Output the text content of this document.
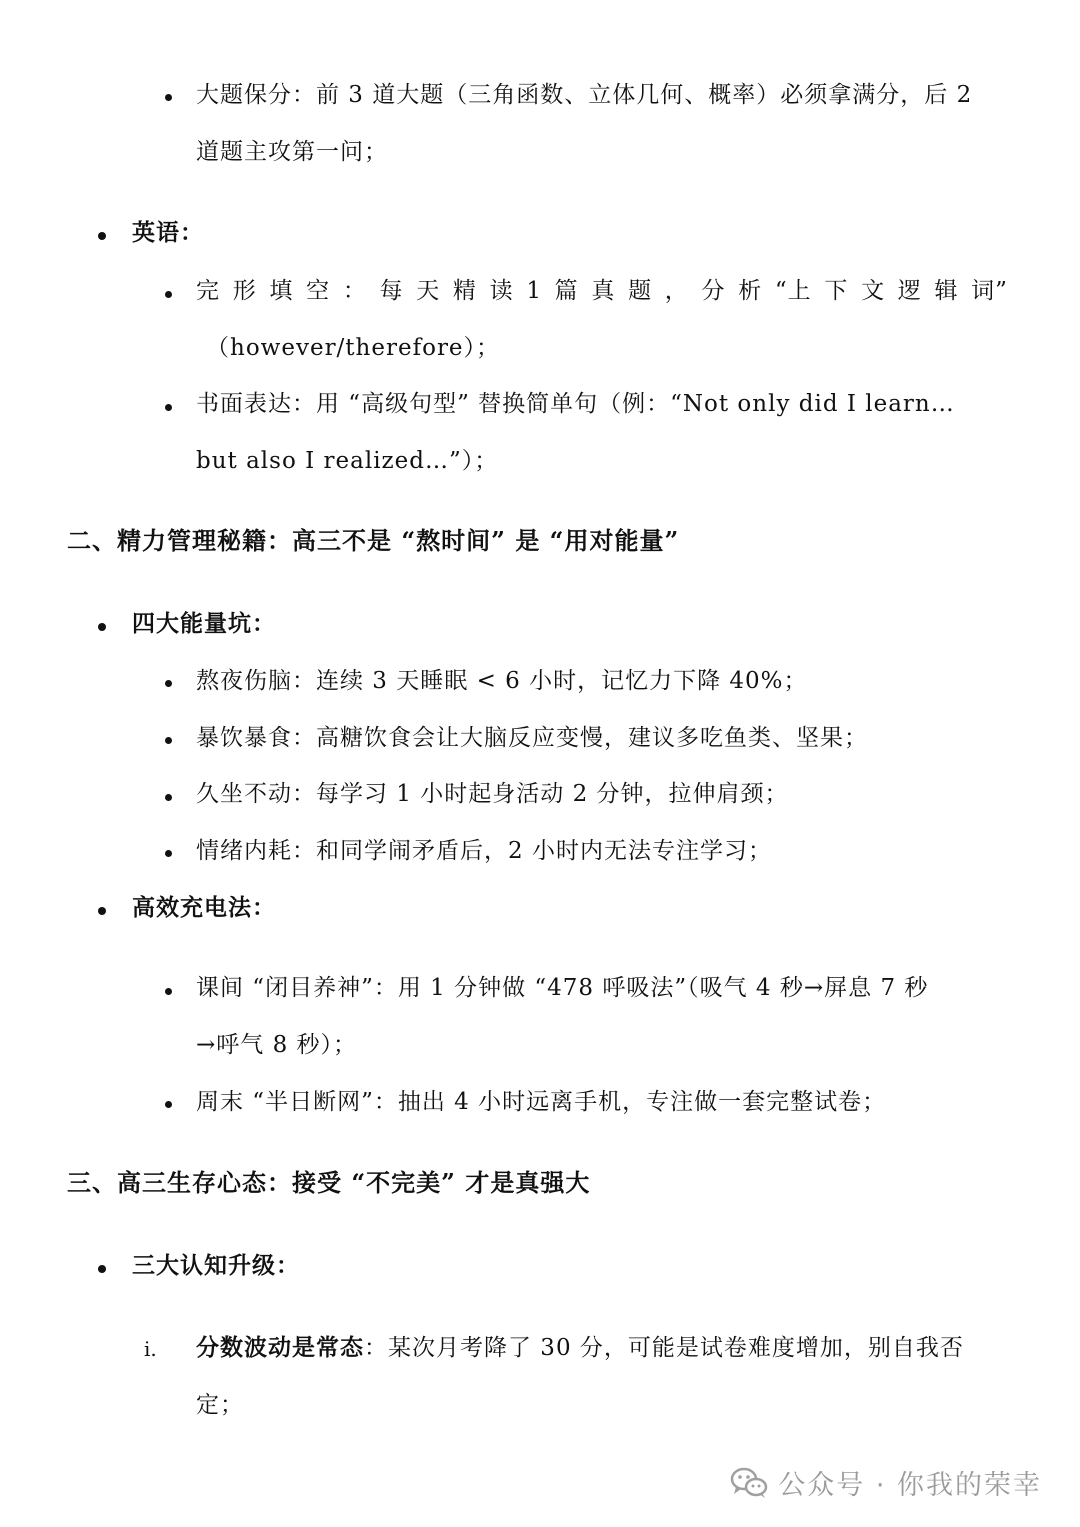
大题保分：前 3 道大题（三角函数、立体几何、概率）必须拿满分，后 2
道题主攻第一问；
英语：
完 形 填 空 ： 每 天 精 读 1 篇 真 题 ， 分 析 “上 下 文 逻 辑 词”
（however/therefore）；
书面表达：用 “高级句型” 替换简单句（例：“Not only did I learn…
but also I realized…”）；
二、精力管理秘籍：高三不是 “熬时间” 是 “用对能量”
四大能量坑：
熬夜伤脑：连续 3 天睡眠 < 6 小时，记忆力下降 40%；
暴饮暴食：高糖饮食会让大脑反应变慢，建议多吃鱼类、坚果；
久坐不动：每学习 1 小时起身活动 2 分钟，拉伸肩颈；
情绪内耗：和同学闹矛盾后，2 小时内无法专注学习；
高效充电法：
课间 “闭目养神”：用 1 分钟做 “478 呼吸法”（吸气 4 秒→屏息 7 秒
→呼气 8 秒）；
周末 “半日断网”：抽出 4 小时远离手机，专注做一套完整试卷；
三、高三生存心态：接受 “不完美” 才是真强大
三大认知升级：
i. 分数波动是常态：某次月考降了 30 分，可能是试卷难度增加，别自我否
定；
公众号 · 你我的荣幸
